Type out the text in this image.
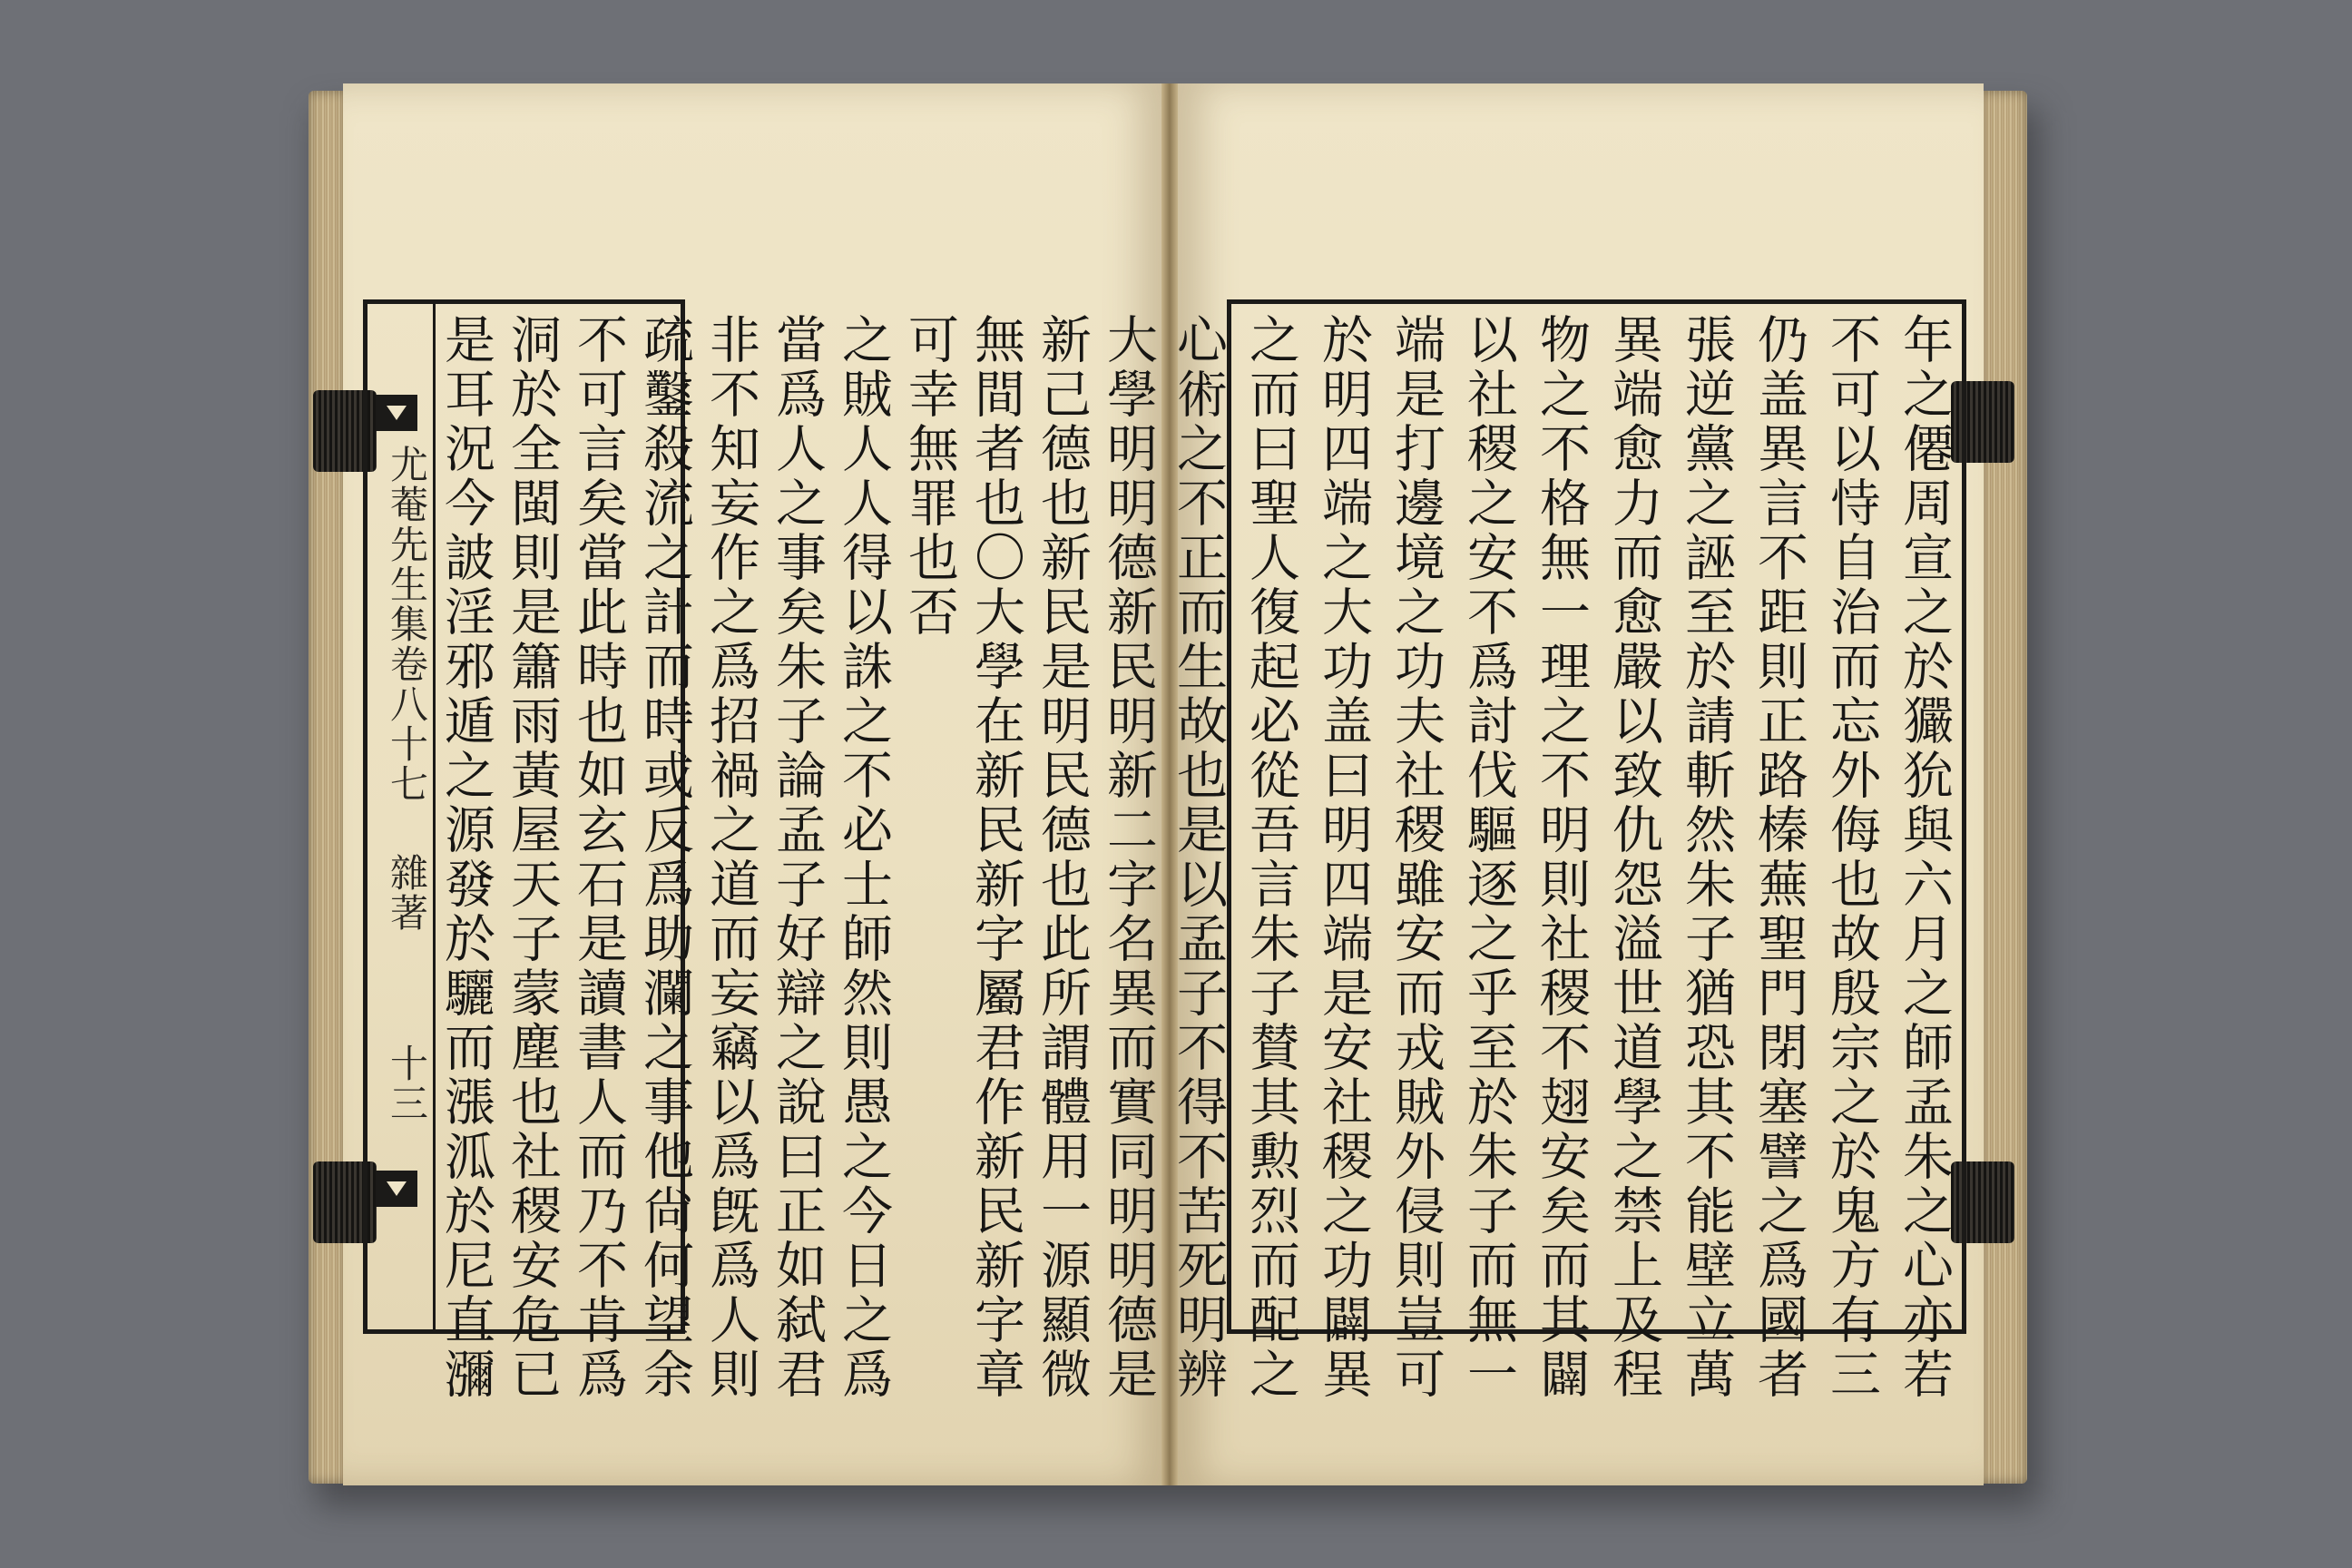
尤菴先生集卷八十七
雜著
十三	大學明明德新民明新二字名異而實同明明德是
新己德也新民是明民德也此所謂體用一源顯微
無間者也〇大學在新民新字屬君作新民新字章
可幸無罪也否
之賊人人得以誅之不必士師然則愚之今日之爲
當爲人之事矣朱子論孟子好辯之說曰正如弑君
非不知妄作之爲招禍之道而妄竊以爲旣爲人則
疏鑿殺流之計而時或反爲助瀾之事他尙何望余
不可言矣當此時也如玄石是讀書人而乃不肯爲
洞於全閩則是簫雨黃屋天子蒙塵也社稷安危已
是耳況今詖淫邪遁之源發於驪而漲泒於尼直瀰	年之僊周宣之於玁狁與六月之師孟朱之心亦若
不可以恃自治而忘外侮也故殷宗之於鬼方有三
仍盖異言不距則正路榛蕪聖門閉塞譬之爲國者
張逆黨之誣至於請斬然朱子猶恐其不能壁立萬
異端愈力而愈嚴以致仇怨溢世道學之禁上及程
物之不格無一理之不明則社稷不翅安矣而其闢
以社稷之安不爲討伐驅逐之乎至於朱子而無一
端是打邊境之功夫社稷雖安而戎賊外侵則豈可
於明四端之大功盖曰明四端是安社稷之功闢異
之而曰聖人復起必從吾言朱子賛其勲烈而配之
心術之不正而生故也是以孟子不得不苦死明辨
